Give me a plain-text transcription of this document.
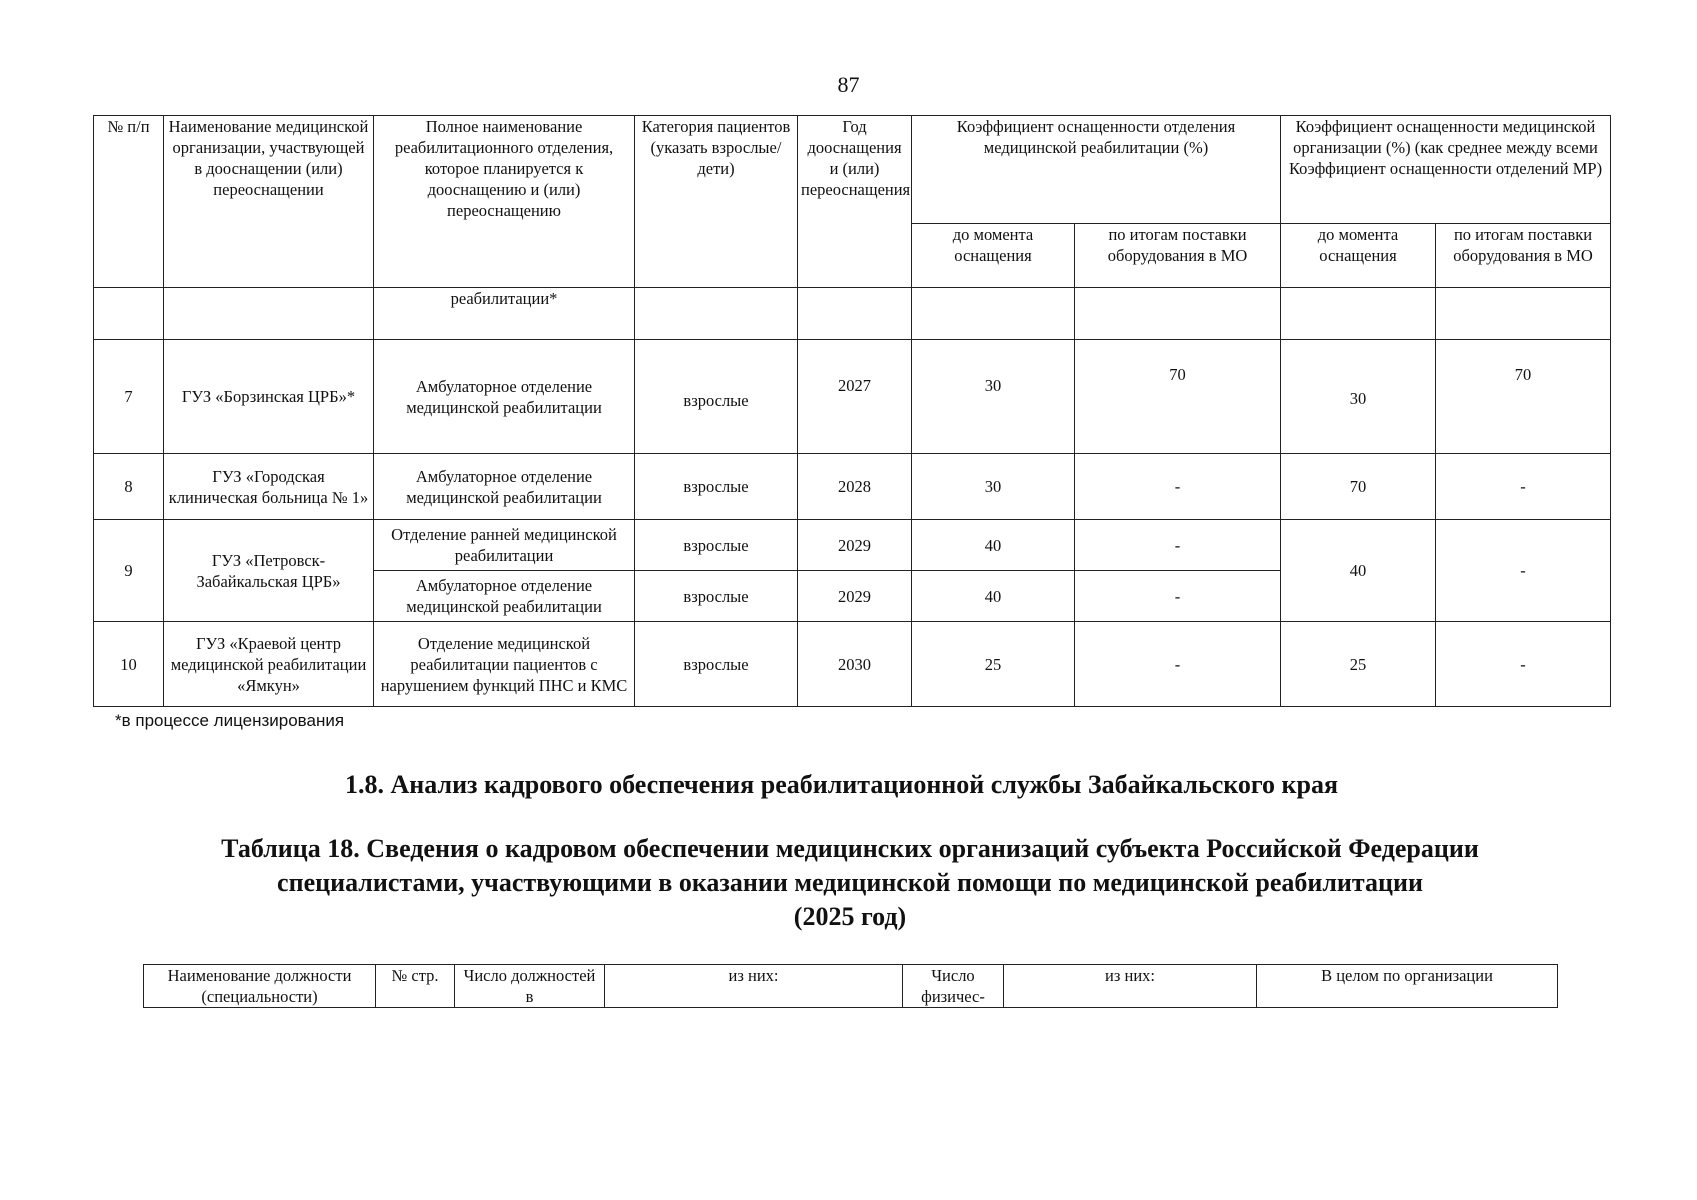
87
№ п/п	Наименование медицинской организации, участвующей в дооснащении (или) переоснащении	Полное наименование реабилитационного отделения, которое планируется к дооснащению и (или) переоснащению	Категория пациентов (указать взрослые/дети)	Год дооснащения и (или) переоснащения	Коэффициент оснащенности отделения медицинской реабилитации (%)		Коэффициент оснащенности медицинской организации (%) (как среднее между всеми Коэффициент оснащенности отделений МР)	
					до момента оснащения	по итогам поставки оборудования в МО	до момента оснащения	по итогам поставки оборудования в МО
		реабилитации*						
7	ГУЗ «Борзинская ЦРБ»*	Амбулаторное отделение медицинской реабилитации	взрослые	2027	30	70	30	70
8	ГУЗ «Городская клиническая больница № 1»	Амбулаторное отделение медицинской реабилитации	взрослые	2028	30	-	70	-
9	ГУЗ «Петровск-Забайкальская ЦРБ»	Отделение ранней медицинской реабилитации	взрослые	2029	40	-	40	-
		Амбулаторное отделение медицинской реабилитации	взрослые	2029	40	-		
10	ГУЗ «Краевой центр медицинской реабилитации «Ямкун»	Отделение медицинской реабилитации пациентов с нарушением функций ПНС и КМС	взрослые	2030	25	-	25	-
*в процессе лицензирования
1.8. Анализ кадрового обеспечения реабилитационной службы Забайкальского края
Таблица 18. Сведения о кадровом обеспечении медицинских организаций субъекта Российской Федерации
специалистами, участвующими в оказании медицинской помощи по медицинской реабилитации
(2025 год)
Наименование должности (специальности)	№ стр.	Число должностей в	из них:	Число физичес-	из них:	В целом по организации
